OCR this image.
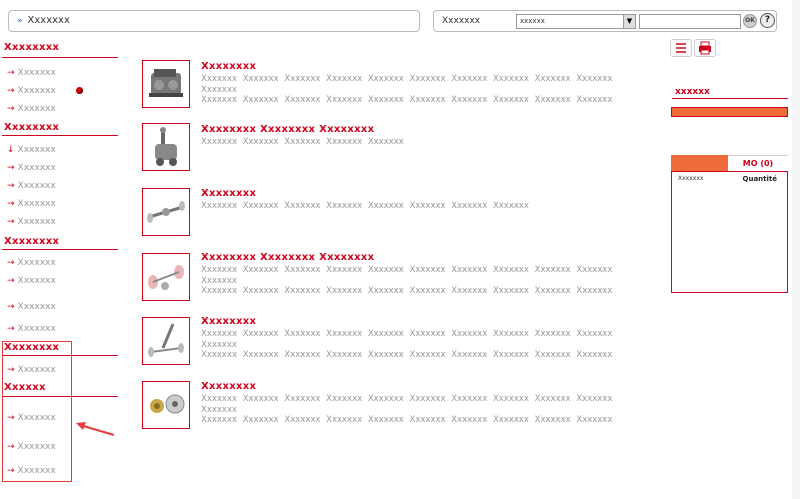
» Xxxxxxx	Xxxxxxx	xxxxxx	▼	OK	?
Xxxxxxxx
→ Xxxxxxx
→ Xxxxxxx
→ Xxxxxxx
Xxxxxxxx
↓ Xxxxxxx
→ Xxxxxxx
→ Xxxxxxx
→ Xxxxxxx
→ Xxxxxxx
Xxxxxxxx
→ Xxxxxxx
→ Xxxxxxx
→ Xxxxxxx
→ Xxxxxxx
Xxxxxxxx
→ Xxxxxxx
Xxxxxx
→ Xxxxxxx
→ Xxxxxxx
→ Xxxxxxx
Xxxxxxxx
Xxxxxxx Xxxxxxx Xxxxxxx Xxxxxxx Xxxxxxx Xxxxxxx Xxxxxxx Xxxxxxx Xxxxxxx Xxxxxxx Xxxxxxx
Xxxxxxx Xxxxxxx Xxxxxxx Xxxxxxx Xxxxxxx Xxxxxxx Xxxxxxx Xxxxxxx Xxxxxxx Xxxxxxx
Xxxxxxxx Xxxxxxxx Xxxxxxxx
Xxxxxxx Xxxxxxx Xxxxxxx Xxxxxxx Xxxxxxx
Xxxxxxxx
Xxxxxxx Xxxxxxx Xxxxxxx Xxxxxxx Xxxxxxx Xxxxxxx Xxxxxxx Xxxxxxx
Xxxxxxxx Xxxxxxxx Xxxxxxxx
Xxxxxxx Xxxxxxx Xxxxxxx Xxxxxxx Xxxxxxx Xxxxxxx Xxxxxxx Xxxxxxx Xxxxxxx Xxxxxxx Xxxxxxx
Xxxxxxx Xxxxxxx Xxxxxxx Xxxxxxx Xxxxxxx Xxxxxxx Xxxxxxx Xxxxxxx Xxxxxxx Xxxxxxx
Xxxxxxxx
Xxxxxxx Xxxxxxx Xxxxxxx Xxxxxxx Xxxxxxx Xxxxxxx Xxxxxxx Xxxxxxx Xxxxxxx Xxxxxxx Xxxxxxx
Xxxxxxx Xxxxxxx Xxxxxxx Xxxxxxx Xxxxxxx Xxxxxxx Xxxxxxx Xxxxxxx Xxxxxxx Xxxxxxx
Xxxxxxxx
Xxxxxxx Xxxxxxx Xxxxxxx Xxxxxxx Xxxxxxx Xxxxxxx Xxxxxxx Xxxxxxx Xxxxxxx Xxxxxxx Xxxxxxx
Xxxxxxx Xxxxxxx Xxxxxxx Xxxxxxx Xxxxxxx Xxxxxxx Xxxxxxx Xxxxxxx Xxxxxxx Xxxxxxx
xxxxxx
MO (0)
Xxxxxxx	Quantité
